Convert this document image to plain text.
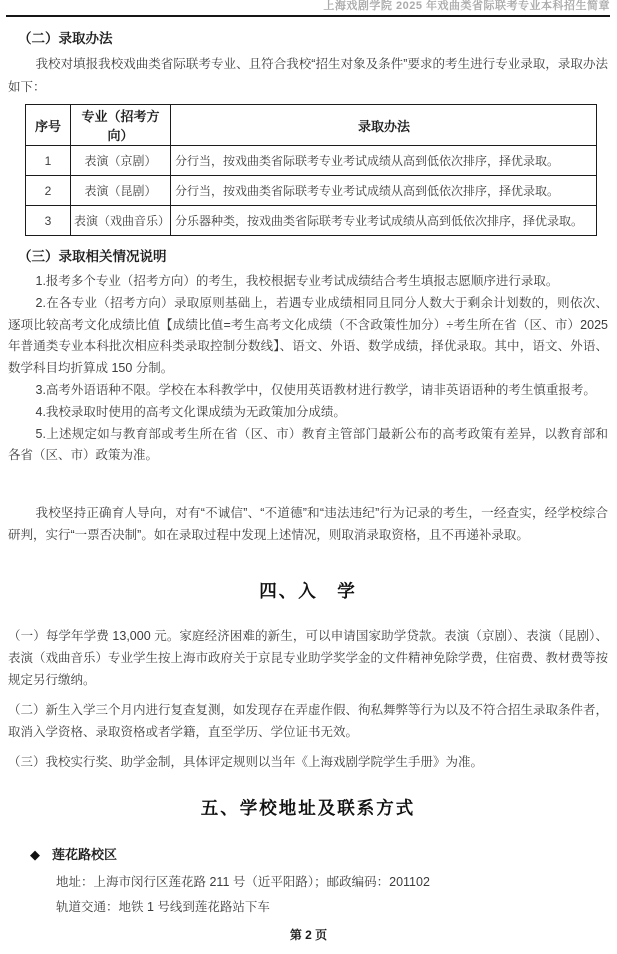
上海戏剧学院 2025 年戏曲类省际联考专业本科招生简章
（二）录取办法

我校对填报我校戏曲类省际联考专业、且符合我校“招生对象及条件”要求的考生进行专业录取，录取办法如下：

序号	专业（招考方向）	录取办法
1	表演（京剧）	分行当，按戏曲类省际联考专业考试成绩从高到低依次排序，择优录取。
2	表演（昆剧）	分行当，按戏曲类省际联考专业考试成绩从高到低依次排序，择优录取。
3	表演（戏曲音乐）	分乐器种类，按戏曲类省际联考专业考试成绩从高到低依次排序，择优录取。
（三）录取相关情况说明

1.报考多个专业（招考方向）的考生，我校根据专业考试成绩结合考生填报志愿顺序进行录取。

2.在各专业（招考方向）录取原则基础上，若遇专业成绩相同且同分人数大于剩余计划数的，则依次、逐项比较高考文化成绩比值【成绩比值=考生高考文化成绩（不含政策性加分）÷考生所在省（区、市）2025 年普通类专业本科批次相应科类录取控制分数线】、语文、外语、数学成绩，择优录取。其中，语文、外语、数学科目均折算成 150 分制。

3.高考外语语种不限。学校在本科教学中，仅使用英语教材进行教学，请非英语语种的考生慎重报考。

4.我校录取时使用的高考文化课成绩为无政策加分成绩。

5.上述规定如与教育部或考生所在省（区、市）教育主管部门最新公布的高考政策有差异，以教育部和各省（区、市）政策为准。

我校坚持正确育人导向，对有“不诚信”、“不道德”和“违法违纪”行为记录的考生，一经查实，经学校综合研判，实行“一票否决制”。如在录取过程中发现上述情况，则取消录取资格，且不再递补录取。

四、入　学

（一）每学年学费 13,000 元。家庭经济困难的新生，可以申请国家助学贷款。表演（京剧）、表演（昆剧）、表演（戏曲音乐）专业学生按上海市政府关于京昆专业助学奖学金的文件精神免除学费，住宿费、教材费等按规定另行缴纳。

（二）新生入学三个月内进行复查复测，如发现存在弄虚作假、徇私舞弊等行为以及不符合招生录取条件者，取消入学资格、录取资格或者学籍，直至学历、学位证书无效。

（三）我校实行奖、助学金制，具体评定规则以当年《上海戏剧学院学生手册》为准。

五、学校地址及联系方式
◆ 莲花路校区
地址：上海市闵行区莲花路 211 号（近平阳路）；邮政编码：201102
轨道交通：地铁 1 号线到莲花路站下车
第 2 页
